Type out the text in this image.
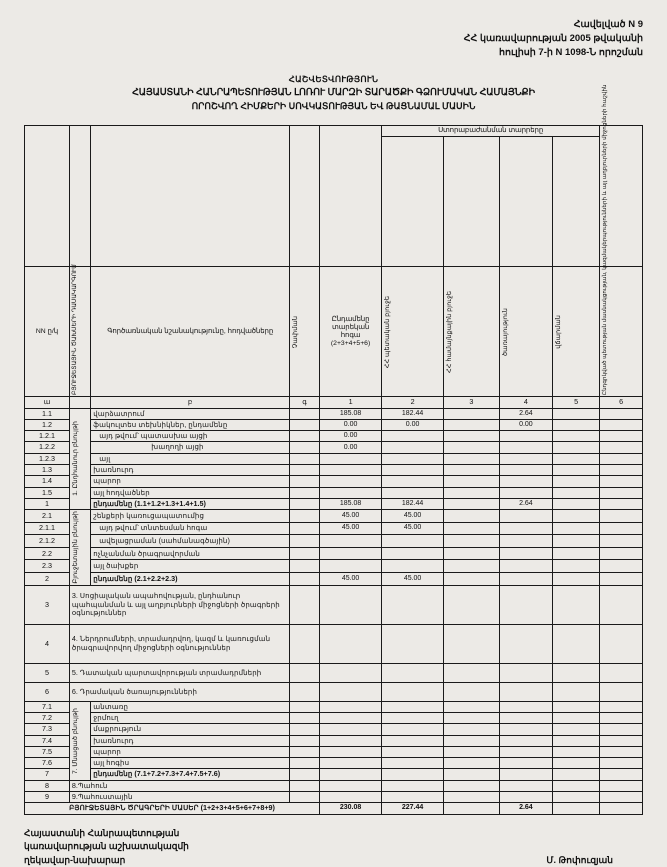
Հավելված N 9
ՀՀ կառավարության 2005 թվականի
հուլիսի 7-ի N 1098-Ն որոշման
ՀԱՇՎԵՏՎՈՒԹՅՈՒՆ
ՀԱՅԱՍՏԱՆԻ ՀԱՆՐԱՊԵՏՈՒԹՅԱՆ ԼՈՌՈՒ ՄԱՐԶԻ ՏԱՐԱԾՔԻ ԳՁՈՒՄԱԿԱՆ ՀԱՄԱՅՆՔԻ
ՈՐՈՇՎՈՂ ՀԻՄՔԵՐԻ ՍՈՎԿԱՏՈՒԹՅԱՆ ԵՎ ԹԱՑՆԱՄԱԼ ՄԱՍԻՆ
					Ստորաբաժանման տարրերը				

NN ը/կ	ԲՅՈՒՋԵՏԱՅԻՆ ԾԱԽՍԵՐԻ ԴԱՍԱԿԱՐԳՈՒՄ	Գործառնական նշանակությունը, հոդվածները	Չափման	Ընդամենը տարեկան հոգա (2+3+4+5+6)	ՀՀ պետական բյուջե	ՀՀ համայնքային բյուջե	ծառայություն	վճարման	Ընդգրկված պետության մասնակցության, կազմակերպությունների և այլ աղբյուրների միջոցների հաշվին

ա		բ	գ	1	2	3	4	5	6
1.1	1. Ընդհանուր բնույթի	վարձատրում		185.08	182.44		2.64		
1.2		ֆակուլտես տեխնիկներ, ընդամենը		0.00	0.00		0.00		
1.2.1		այդ թվում՝ պատասխա այցի		0.00					
1.2.2		խաղողի այցի		0.00					
1.2.3		այլ							
1.3		խառնուրդ							
1.4		պարոր							
1.5		այլ հոդվածներ							
1		ընդամենը (1.1+1.2+1.3+1.4+1.5)		185.08	182.44		2.64		
2.1	Բյուջետային բնույթի	շենքերի կառուցապատումից		45.00	45.00				
2.1.1		այդ թվում՝ տնտեսման հոգա		45.00	45.00				
2.1.2		ավելացրաման (սահմանագծային)							
2.2		ոչնչանման ծրագրավորման							
2.3		այլ ծախքեր							
2		ընդամենը (2.1+2.2+2.3)		45.00	45.00				
3	3. Սոցիալական ապահովության, ընդհանուր պահպանման և այլ աղբյուրների միջոցների ծրագրերի օգնություններ								
4	4. Ներդրումների, տրամադրվող, կազմ և կառուցման ծրագրավորվող միջոցների օգնություններ								
5	5. Դատական պարտավորության տրամադրմների								
6	6. Դրամական ծառայությունների								
7.1	7. Մնացած բնույթի	անտառը							
7.2		ջրմուղ							
7.3		մաքրություն							
7.4		խառնուրդ							
7.5		պարոր							
7.6		այլ հոգիս							
7		ընդամենը (7.1+7.2+7.3+7.4+7.5+7.6)							
8	8.Պահուն								
9	9.Պահուստային								
ԲՅՈՒՋԵՏԱՅԻՆ ԾՐԱԳՐԵՐԻ ՄԱՍԵՐ (1+2+3+4+5+6+7+8+9)				230.08	227.44		2.64		
Հայաստանի Հանրապետության
կառավարության աշխատակազմի
ղեկավար-նախարար	Մ. Թոփուզյան
